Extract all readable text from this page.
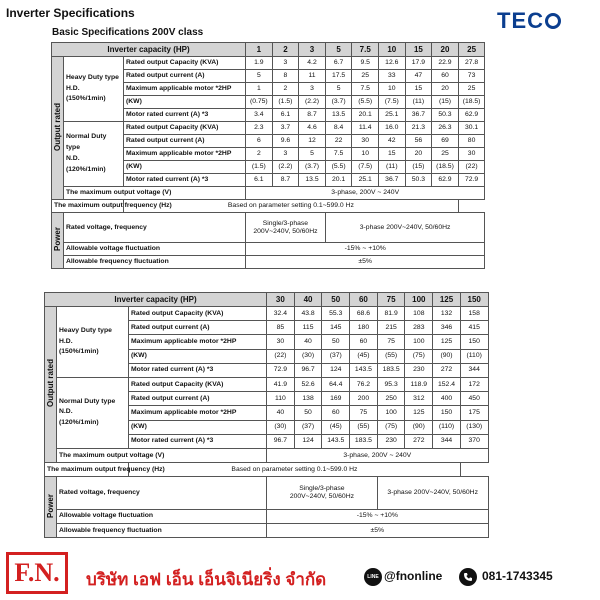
Inverter Specifications
Basic Specifications 200V class	TEC
Inverter capacity (HP)			1	2	3	5	7.5	10	15	20	25
Output rated	Heavy Duty type
H.D.
(150%/1min)	Rated output Capacity (KVA)	1.9	3	4.2	6.7	9.5	12.6	17.9	22.9	27.8
		Rated output current (A)	5	8	11	17.5	25	33	47	60	73
		Maximum applicable motor *2HP	1	2	3	5	7.5	10	15	20	25
		(KW)	(0.75)	(1.5)	(2.2)	(3.7)	(5.5)	(7.5)	(11)	(15)	(18.5)
		Motor rated current (A) *3	3.4	6.1	8.7	13.5	20.1	25.1	36.7	50.3	62.9

	Normal Duty
type
N.D.
(120%/1min)	Rated output Capacity (KVA)	2.3	3.7	4.6	8.4	11.4	16.0	21.3	26.3	30.1
		Rated output current (A)	6	9.6	12	22	30	42	56	69	80
		Maximum applicable motor *2HP	2	3	5	7.5	10	15	20	25	30
		(KW)	(1.5)	(2.2)	(3.7)	(5.5)	(7.5)	(11)	(15)	(18.5)	(22)
		Motor rated current (A) *3	6.1	8.7	13.5	20.1	25.1	36.7	50.3	62.9	72.9
	The maximum output voltage (V)		3-phase, 200V ~ 240V								
The maximum output frequency (Hz)		Based on parameter setting 0.1~599.0 Hz									
Power	Rated voltage, frequency		Single/3-phase
200V~240V, 50/60Hz			3-phase 200V~240V, 50/60Hz					
	Allowable voltage fluctuation		-15% ~ +10%								
	Allowable frequency fluctuation		±5%								
Inverter capacity (HP)			30	40	50	60	75	100	125	150
Output rated	Heavy Duty type
H.D.
(150%/1min)	Rated output Capacity (KVA)	32.4	43.8	55.3	68.6	81.9	108	132	158
		Rated output current (A)	85	115	145	180	215	283	346	415
		Maximum applicable motor *2HP	30	40	50	60	75	100	125	150
		(KW)	(22)	(30)	(37)	(45)	(55)	(75)	(90)	(110)
		Motor rated current (A) *3	72.9	96.7	124	143.5	183.5	230	272	344

	Normal Duty type
N.D.
(120%/1min)	Rated output Capacity (KVA)	41.9	52.6	64.4	76.2	95.3	118.9	152.4	172
		Rated output current (A)	110	138	169	200	250	312	400	450
		Maximum applicable motor *2HP	40	50	60	75	100	125	150	175
		(KW)	(30)	(37)	(45)	(55)	(75)	(90)	(110)	(130)
		Motor rated current (A) *3	96.7	124	143.5	183.5	230	272	344	370
	The maximum output voltage (V)		3-phase, 200V ~ 240V							
The maximum output frequency (Hz)		Based on parameter setting 0.1~599.0 Hz								
Power	Rated voltage, frequency		Single/3-phase
200V~240V, 50/60Hz				3-phase 200V~240V, 50/60Hz			
	Allowable voltage fluctuation		-15% ~ +10%							
	Allowable frequency fluctuation		±5%							
F.N.	บริษัท เอฟ เอ็น เอ็นจิเนียริ่ง จำกัด	LINE @fnonline	081-1743345
